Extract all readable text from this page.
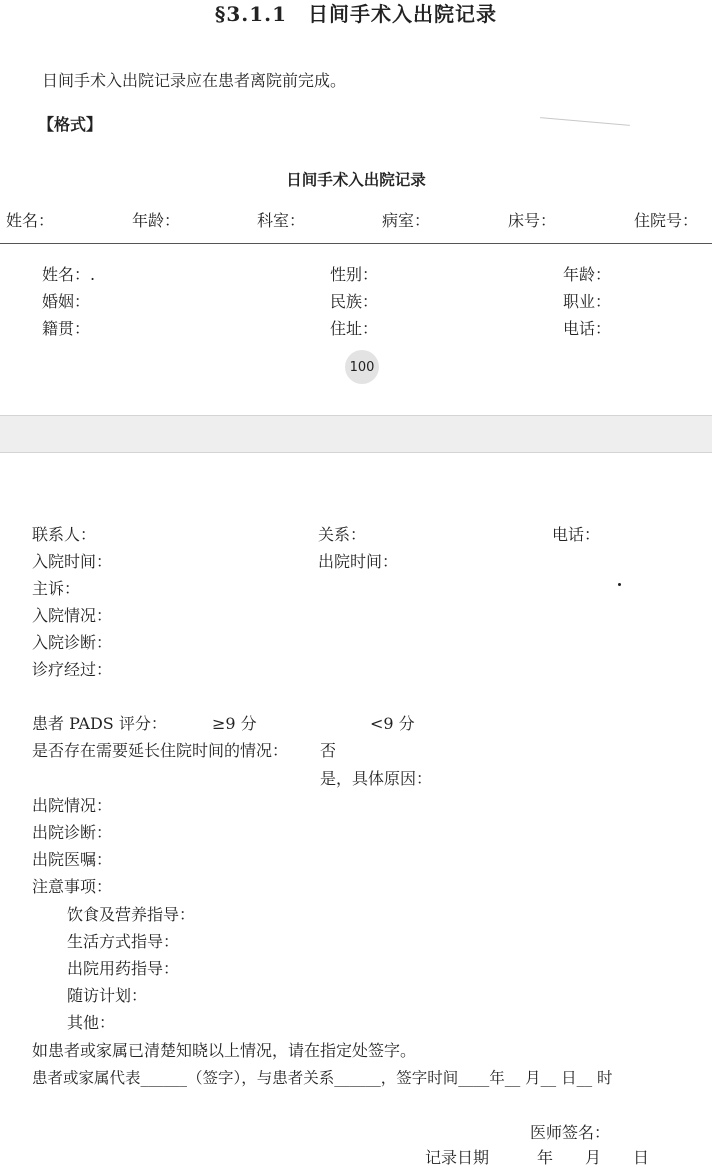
§3.1.1　日间手术入出院记录
日间手术入出院记录应在患者离院前完成。
【格式】
日间手术入出院记录
姓名：	年龄：	科室：	病室：	床号：	住院号：
姓名：.	性别：	年龄：
婚姻：	民族：	职业：
籍贯：	住址：	电话：
100
联系人：	关系：	电话：
入院时间：	出院时间：
主诉：
入院情况：
入院诊断：
诊疗经过：
患者 PADS 评分：	≥9 分	<9 分
是否存在需要延长住院时间的情况： 否
是，具体原因：
出院情况：
出院诊断：
出院医嘱：
注意事项：
饮食及营养指导：
生活方式指导：
出院用药指导：
随访计划：
其他：
如患者或家属已清楚知晓以上情况，请在指定处签字。
患者或家属代表______（签字），与患者关系______，签字时间____年__ 月__ 日__ 时
医师签名：
记录日期　　　年　　月　　日
